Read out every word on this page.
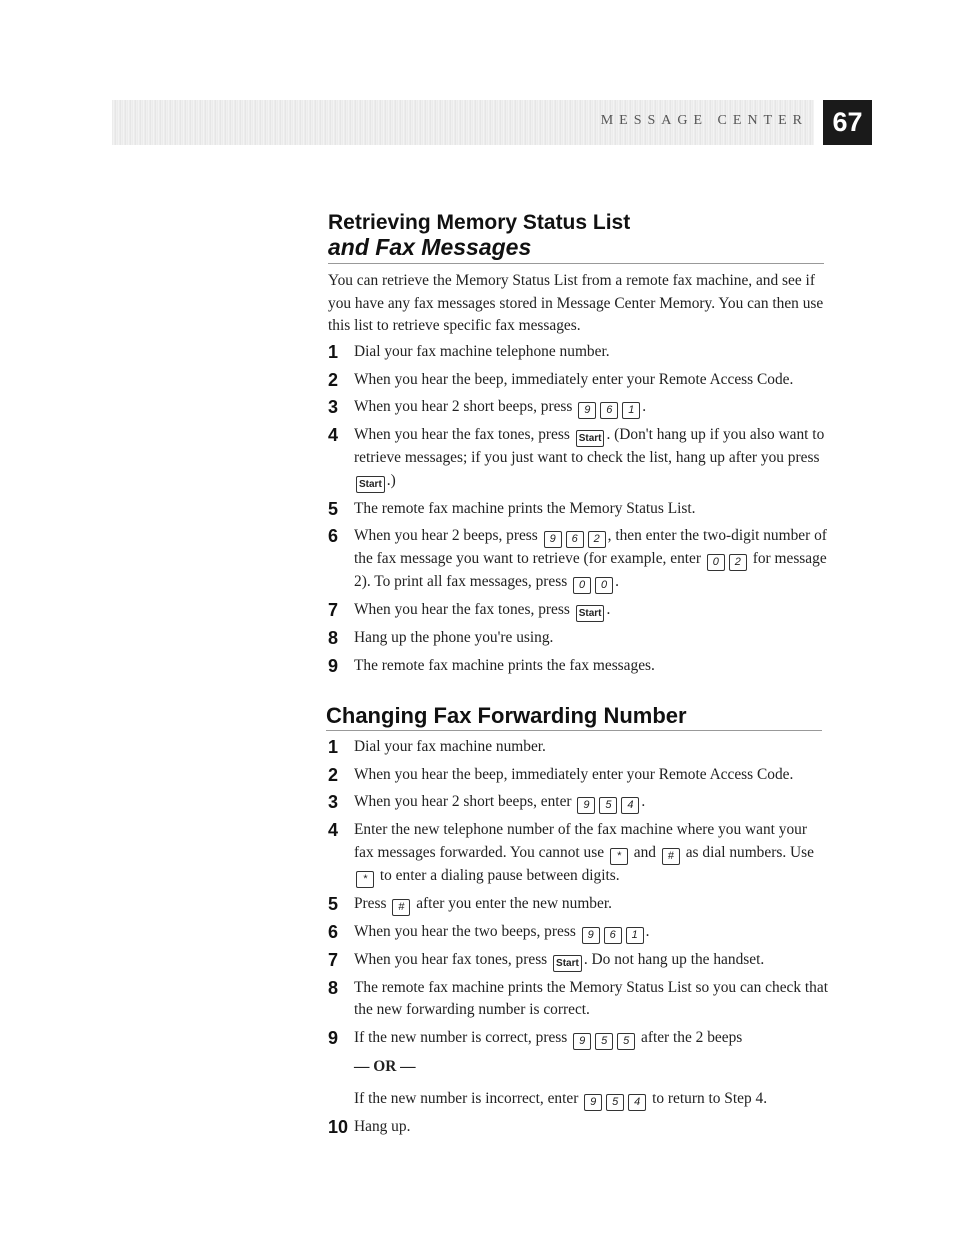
MESSAGE CENTER 67
Retrieving Memory Status List
and Fax Messages

You can retrieve the Memory Status List from a remote fax machine, and see if you have any fax messages stored in Message Center Memory. You can then use this list to retrieve specific fax messages.

1 Dial your fax machine telephone number.
2 When you hear the beep, immediately enter your Remote Access Code.
3 When you hear 2 short beeps, press 9 6 1 .
4 When you hear the fax tones, press Start . (Don't hang up if you also want to retrieve messages; if you just want to check the list, hang up after you press Start .)
5 The remote fax machine prints the Memory Status List.
6 When you hear 2 beeps, press 9 6 2 , then enter the two-digit number of the fax message you want to retrieve (for example, enter 0 2 for message 2). To print all fax messages, press 0 0 .
7 When you hear the fax tones, press Start .
8 Hang up the phone you're using.
9 The remote fax machine prints the fax messages.
Changing Fax Forwarding Number
1 Dial your fax machine number.
2 When you hear the beep, immediately enter your Remote Access Code.
3 When you hear 2 short beeps, enter 9 5 4 .
4 Enter the new telephone number of the fax machine where you want your fax messages forwarded. You cannot use * and # as dial numbers. Use * to enter a dialing pause between digits.
5 Press # after you enter the new number.
6 When you hear the two beeps, press 9 6 1 .
7 When you hear fax tones, press Start . Do not hang up the handset.
8 The remote fax machine prints the Memory Status List so you can check that the new forwarding number is correct.
9 If the new number is correct, press 9 5 5 after the 2 beeps
— OR —
If the new number is incorrect, enter 9 5 4 to return to Step 4.
10 Hang up.
